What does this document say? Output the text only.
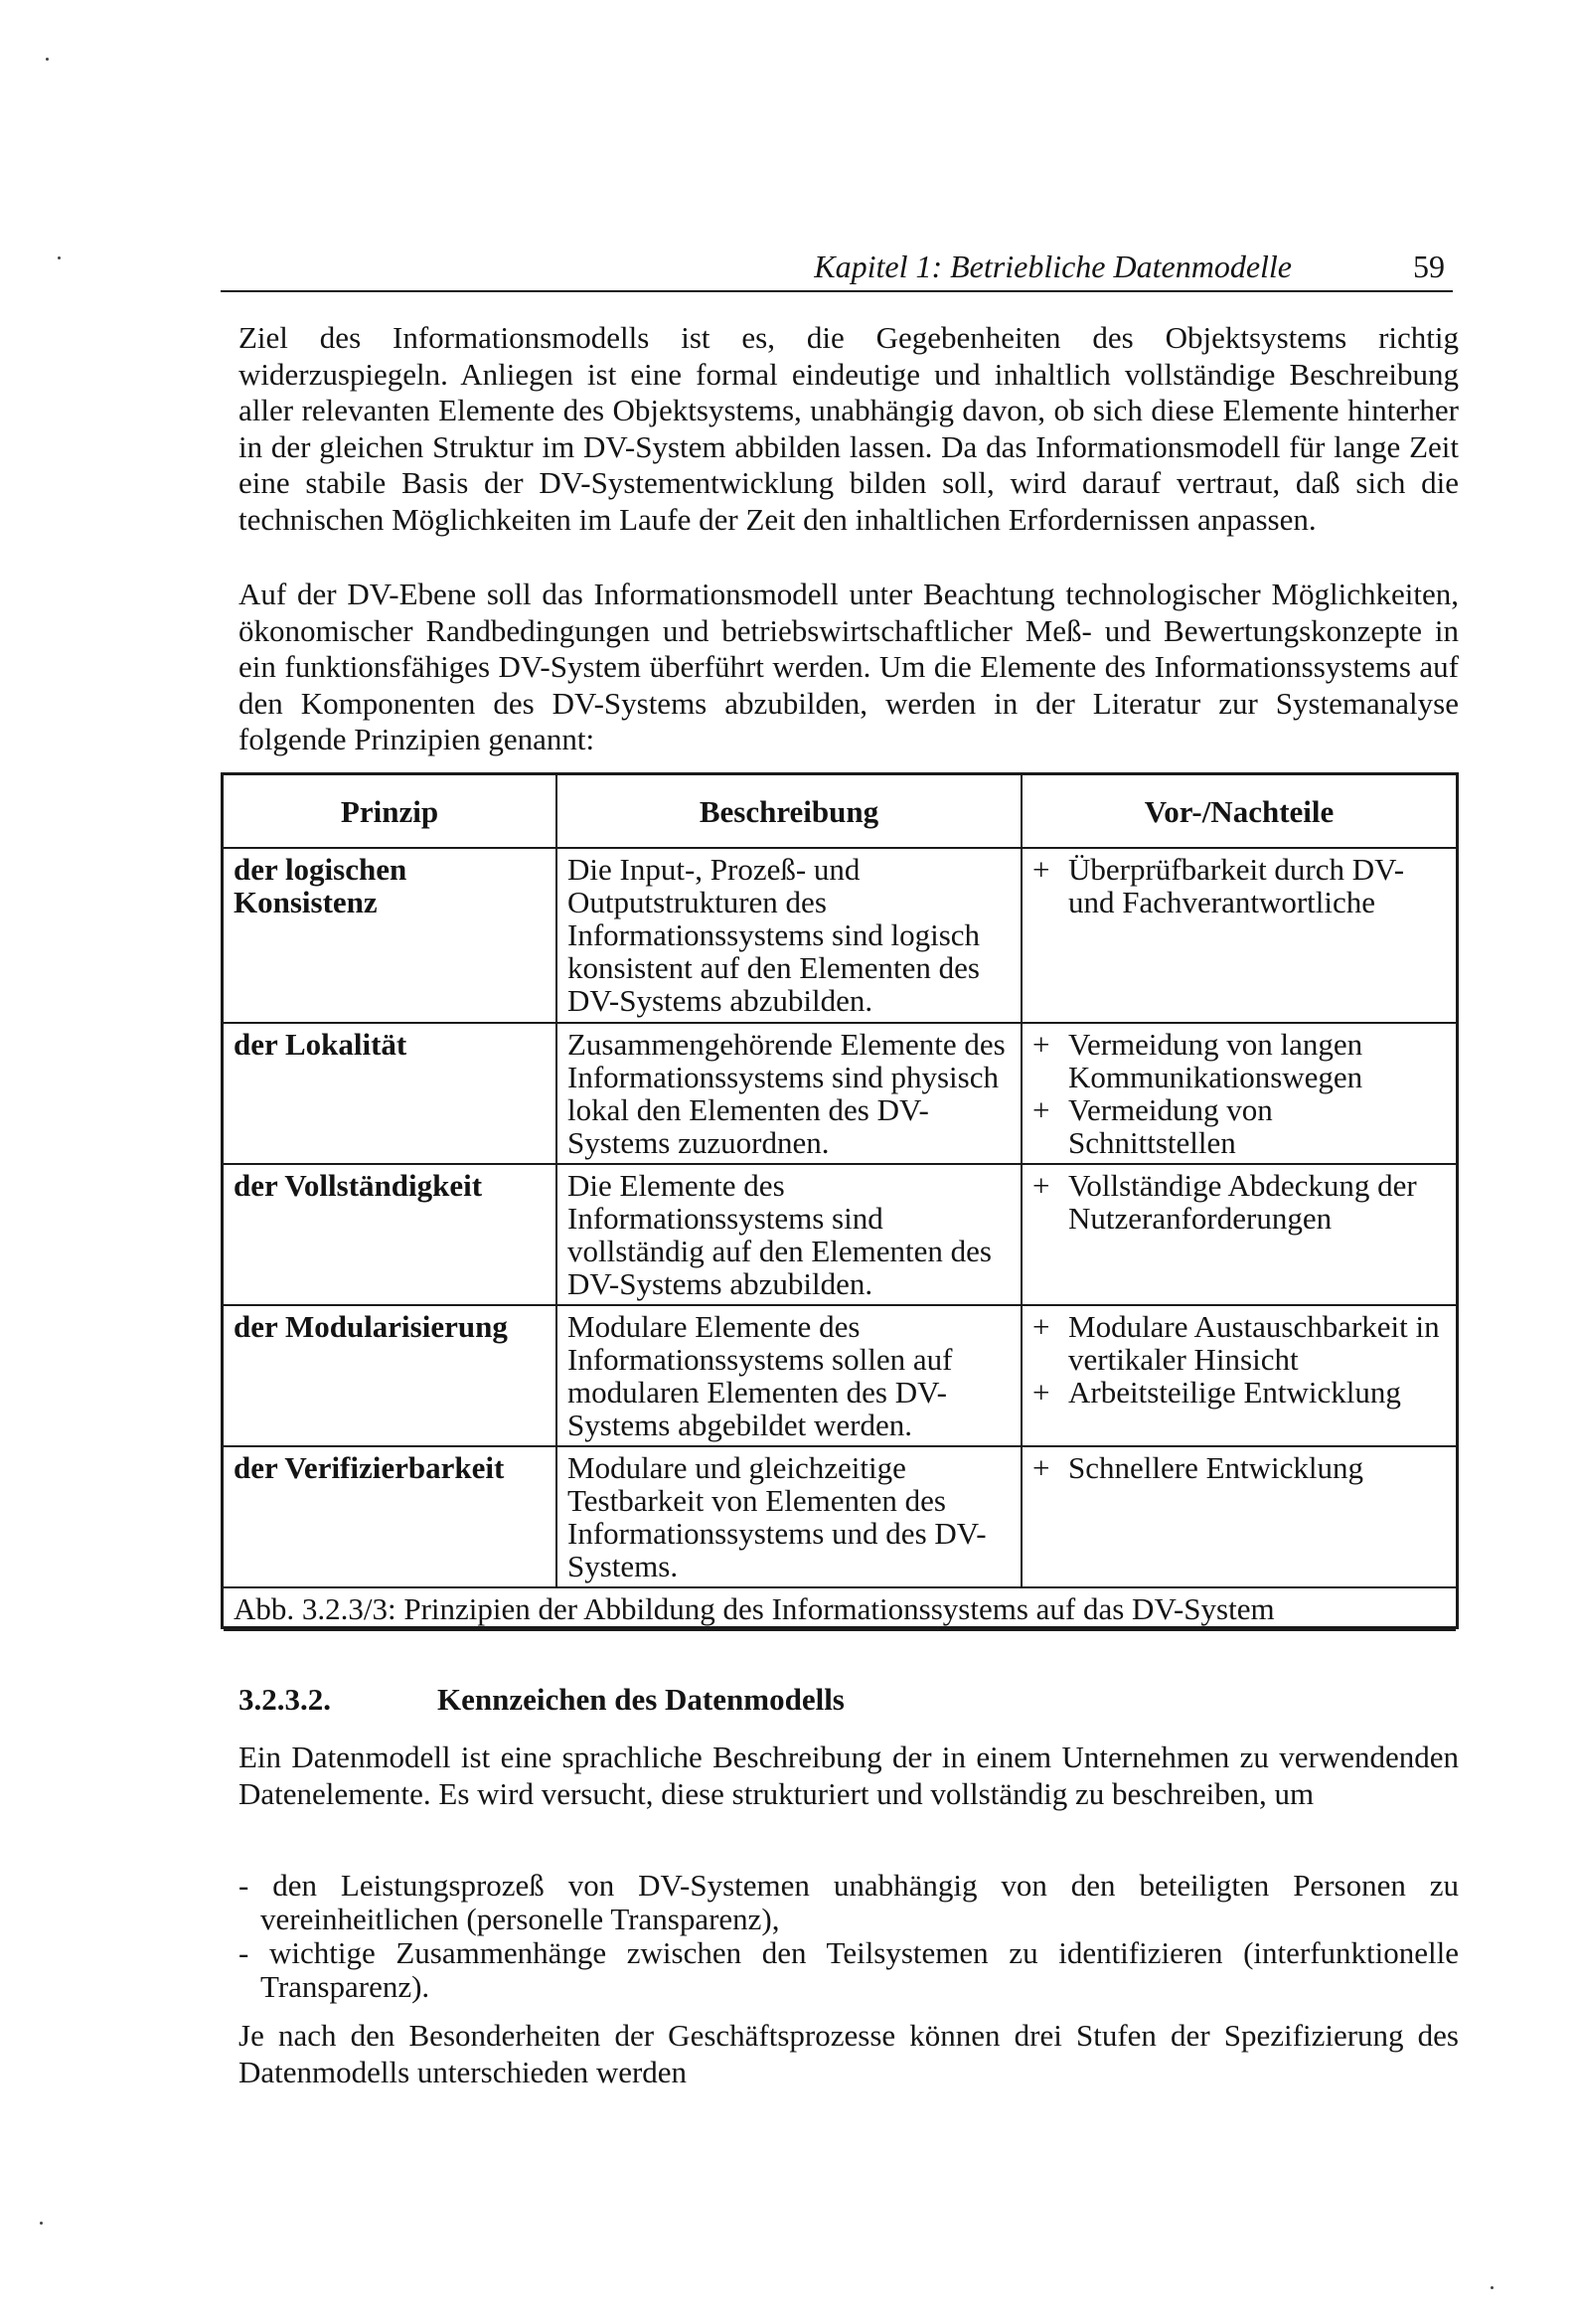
Kapitel 1: Betriebliche Datenmodelle	59

Ziel des Informationsmodells ist es, die Gegebenheiten des Objektsystems richtig widerzuspiegeln. Anliegen ist eine formal eindeutige und inhaltlich vollständige Beschreibung aller relevanten Elemente des Objektsystems, unabhängig davon, ob sich diese Elemente hinterher in der gleichen Struktur im DV-System abbilden lassen. Da das Informationsmodell für lange Zeit eine stabile Basis der DV-Systementwicklung bilden soll, wird darauf vertraut, daß sich die technischen Möglichkeiten im Laufe der Zeit den inhaltlichen Erfordernissen anpassen.

Auf der DV-Ebene soll das Informationsmodell unter Beachtung technologischer Möglichkeiten, ökonomischer Randbedingungen und betriebswirtschaftlicher Meß- und Bewertungskonzepte in ein funktionsfähiges DV-System überführt werden. Um die Elemente des Informationssystems auf den Komponenten des DV-Systems abzubilden, werden in der Literatur zur Systemanalyse folgende Prinzipien genannt:

Prinzip	Beschreibung	Vor-/Nachteile
der logischen Konsistenz	Die Input-, Prozeß- und Outputstrukturen des Informationssystems sind logisch konsistent auf den Elementen des DV-Systems abzubilden.	+ Überprüfbarkeit durch DV- und Fachverantwortliche

der Lokalität	Zusammengehörende Elemente des Informationssystems sind physisch lokal den Elementen des DV-Systems zuzuordnen.	+ Vermeidung von langen Kommunikationswegen

+ Vermeidung von Schnittstellen

der Vollständigkeit	Die Elemente des Informationssystems sind vollständig auf den Elementen des DV-Systems abzubilden.	+ Vollständige Abdeckung der Nutzeranforderungen

der Modularisierung	Modulare Elemente des Informationssystems sollen auf modularen Elementen des DV-Systems abgebildet werden.	+ Modulare Austauschbarkeit in vertikaler Hinsicht

+ Arbeitsteilige Entwicklung

der Verifizierbarkeit	Modulare und gleichzeitige Testbarkeit von Elementen des Informationssystems und des DV-Systems.	+ Schnellere Entwicklung

Abb. 3.2.3/3: Prinzipien der Abbildung des Informationssystems auf das DV-System		
3.2.3.2.	Kennzeichen des Datenmodells

Ein Datenmodell ist eine sprachliche Beschreibung der in einem Unternehmen zu verwendenden Datenelemente. Es wird versucht, diese strukturiert und vollständig zu beschreiben, um

- den Leistungsprozeß von DV-Systemen unabhängig von den beteiligten Personen zu vereinheitlichen (personelle Transparenz),

- wichtige Zusammenhänge zwischen den Teilsystemen zu identifizieren (interfunktionelle Transparenz).

Je nach den Besonderheiten der Geschäftsprozesse können drei Stufen der Spezifizierung des Datenmodells unterschieden werden
